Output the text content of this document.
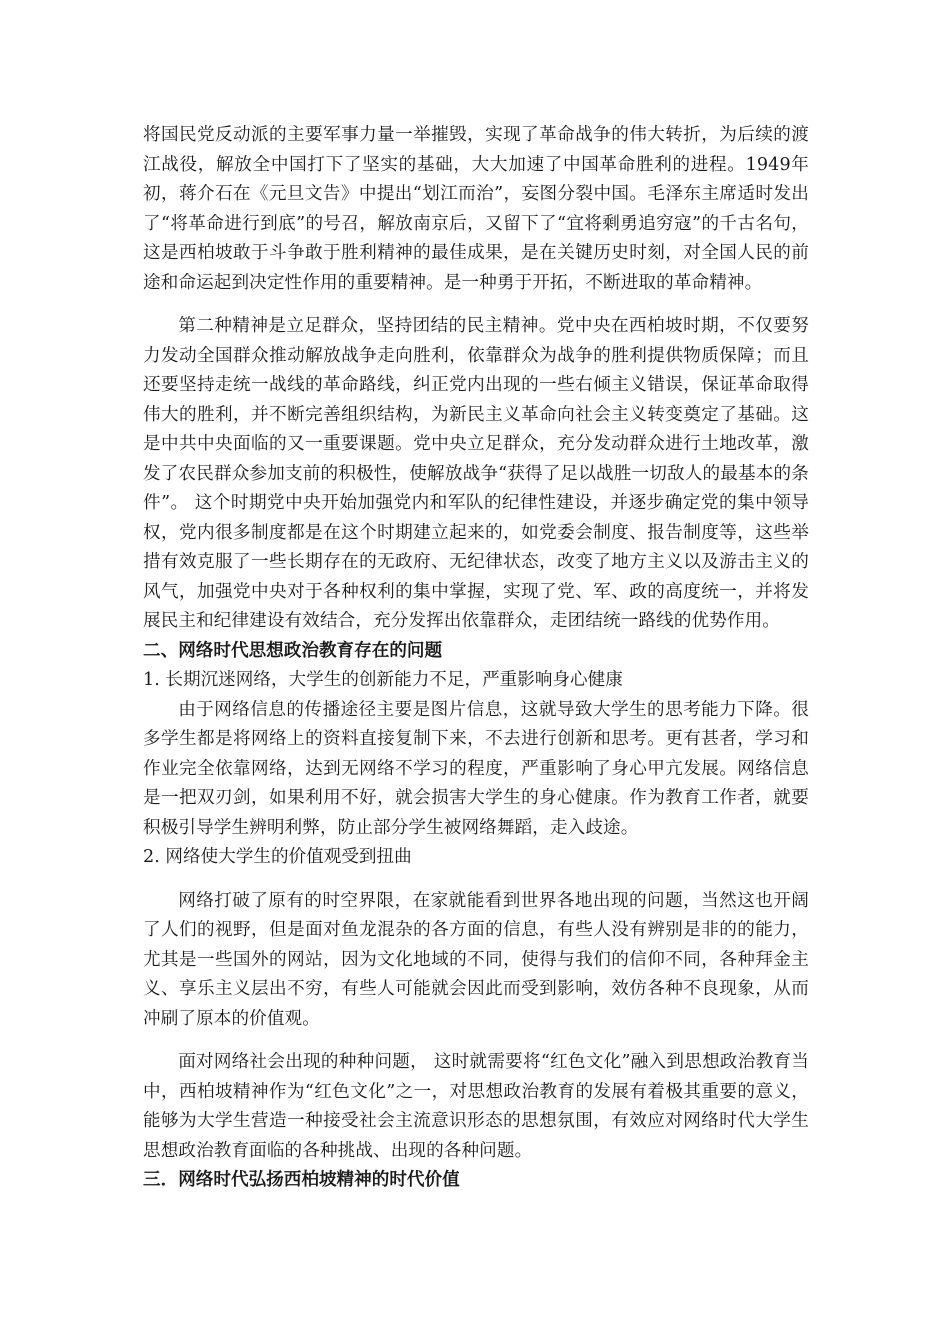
将国民党反动派的主要军事力量一举摧毁，实现了革命战争的伟大转折，为后续的渡江战役，解放全中国打下了坚实的基础，大大加速了中国革命胜利的进程。1949年初，蒋介石在《元旦文告》中提出“划江而治”，妄图分裂中国。毛泽东主席适时发出了“将革命进行到底”的号召，解放南京后，又留下了“宜将剩勇追穷寇”的千古名句，这是西柏坡敢于斗争敢于胜利精神的最佳成果，是在关键历史时刻，对全国人民的前途和命运起到决定性作用的重要精神。是一种勇于开拓，不断进取的革命精神。

第二种精神是立足群众，坚持团结的民主精神。党中央在西柏坡时期，不仅要努力发动全国群众推动解放战争走向胜利，依靠群众为战争的胜利提供物质保障；而且还要坚持走统一战线的革命路线，纠正党内出现的一些右倾主义错误，保证革命取得伟大的胜利，并不断完善组织结构，为新民主义革命向社会主义转变奠定了基础。这是中共中央面临的又一重要课题。党中央立足群众，充分发动群众进行土地改革，激发了农民群众参加支前的积极性，使解放战争“获得了足以战胜一切敌人的最基本的条件”。 这个时期党中央开始加强党内和军队的纪律性建设，并逐步确定党的集中领导权，党内很多制度都是在这个时期建立起来的，如党委会制度、报告制度等，这些举措有效克服了一些长期存在的无政府、无纪律状态，改变了地方主义以及游击主义的风气，加强党中央对于各种权利的集中掌握，实现了党、军、政的高度统一，并将发展民主和纪律建设有效结合，充分发挥出依靠群众，走团结统一路线的优势作用。

二、网络时代思想政治教育存在的问题

1. 长期沉迷网络，大学生的创新能力不足，严重影响身心健康

由于网络信息的传播途径主要是图片信息，这就导致大学生的思考能力下降。很多学生都是将网络上的资料直接复制下来，不去进行创新和思考。更有甚者，学习和作业完全依靠网络，达到无网络不学习的程度，严重影响了身心甲亢发展。网络信息是一把双刃剑，如果利用不好，就会损害大学生的身心健康。作为教育工作者，就要积极引导学生辨明利弊，防止部分学生被网络舞蹈，走入歧途。

2. 网络使大学生的价值观受到扭曲

网络打破了原有的时空界限，在家就能看到世界各地出现的问题，当然这也开阔了人们的视野，但是面对鱼龙混杂的各方面的信息，有些人没有辨别是非的的能力，尤其是一些国外的网站，因为文化地域的不同，使得与我们的信仰不同，各种拜金主义、享乐主义层出不穷，有些人可能就会因此而受到影响，效仿各种不良现象，从而冲刷了原本的价值观。

面对网络社会出现的种种问题， 这时就需要将“红色文化”融入到思想政治教育当中，西柏坡精神作为“红色文化”之一，对思想政治教育的发展有着极其重要的意义，能够为大学生营造一种接受社会主流意识形态的思想氛围，有效应对网络时代大学生思想政治教育面临的各种挑战、出现的各种问题。

三．网络时代弘扬西柏坡精神的时代价值
